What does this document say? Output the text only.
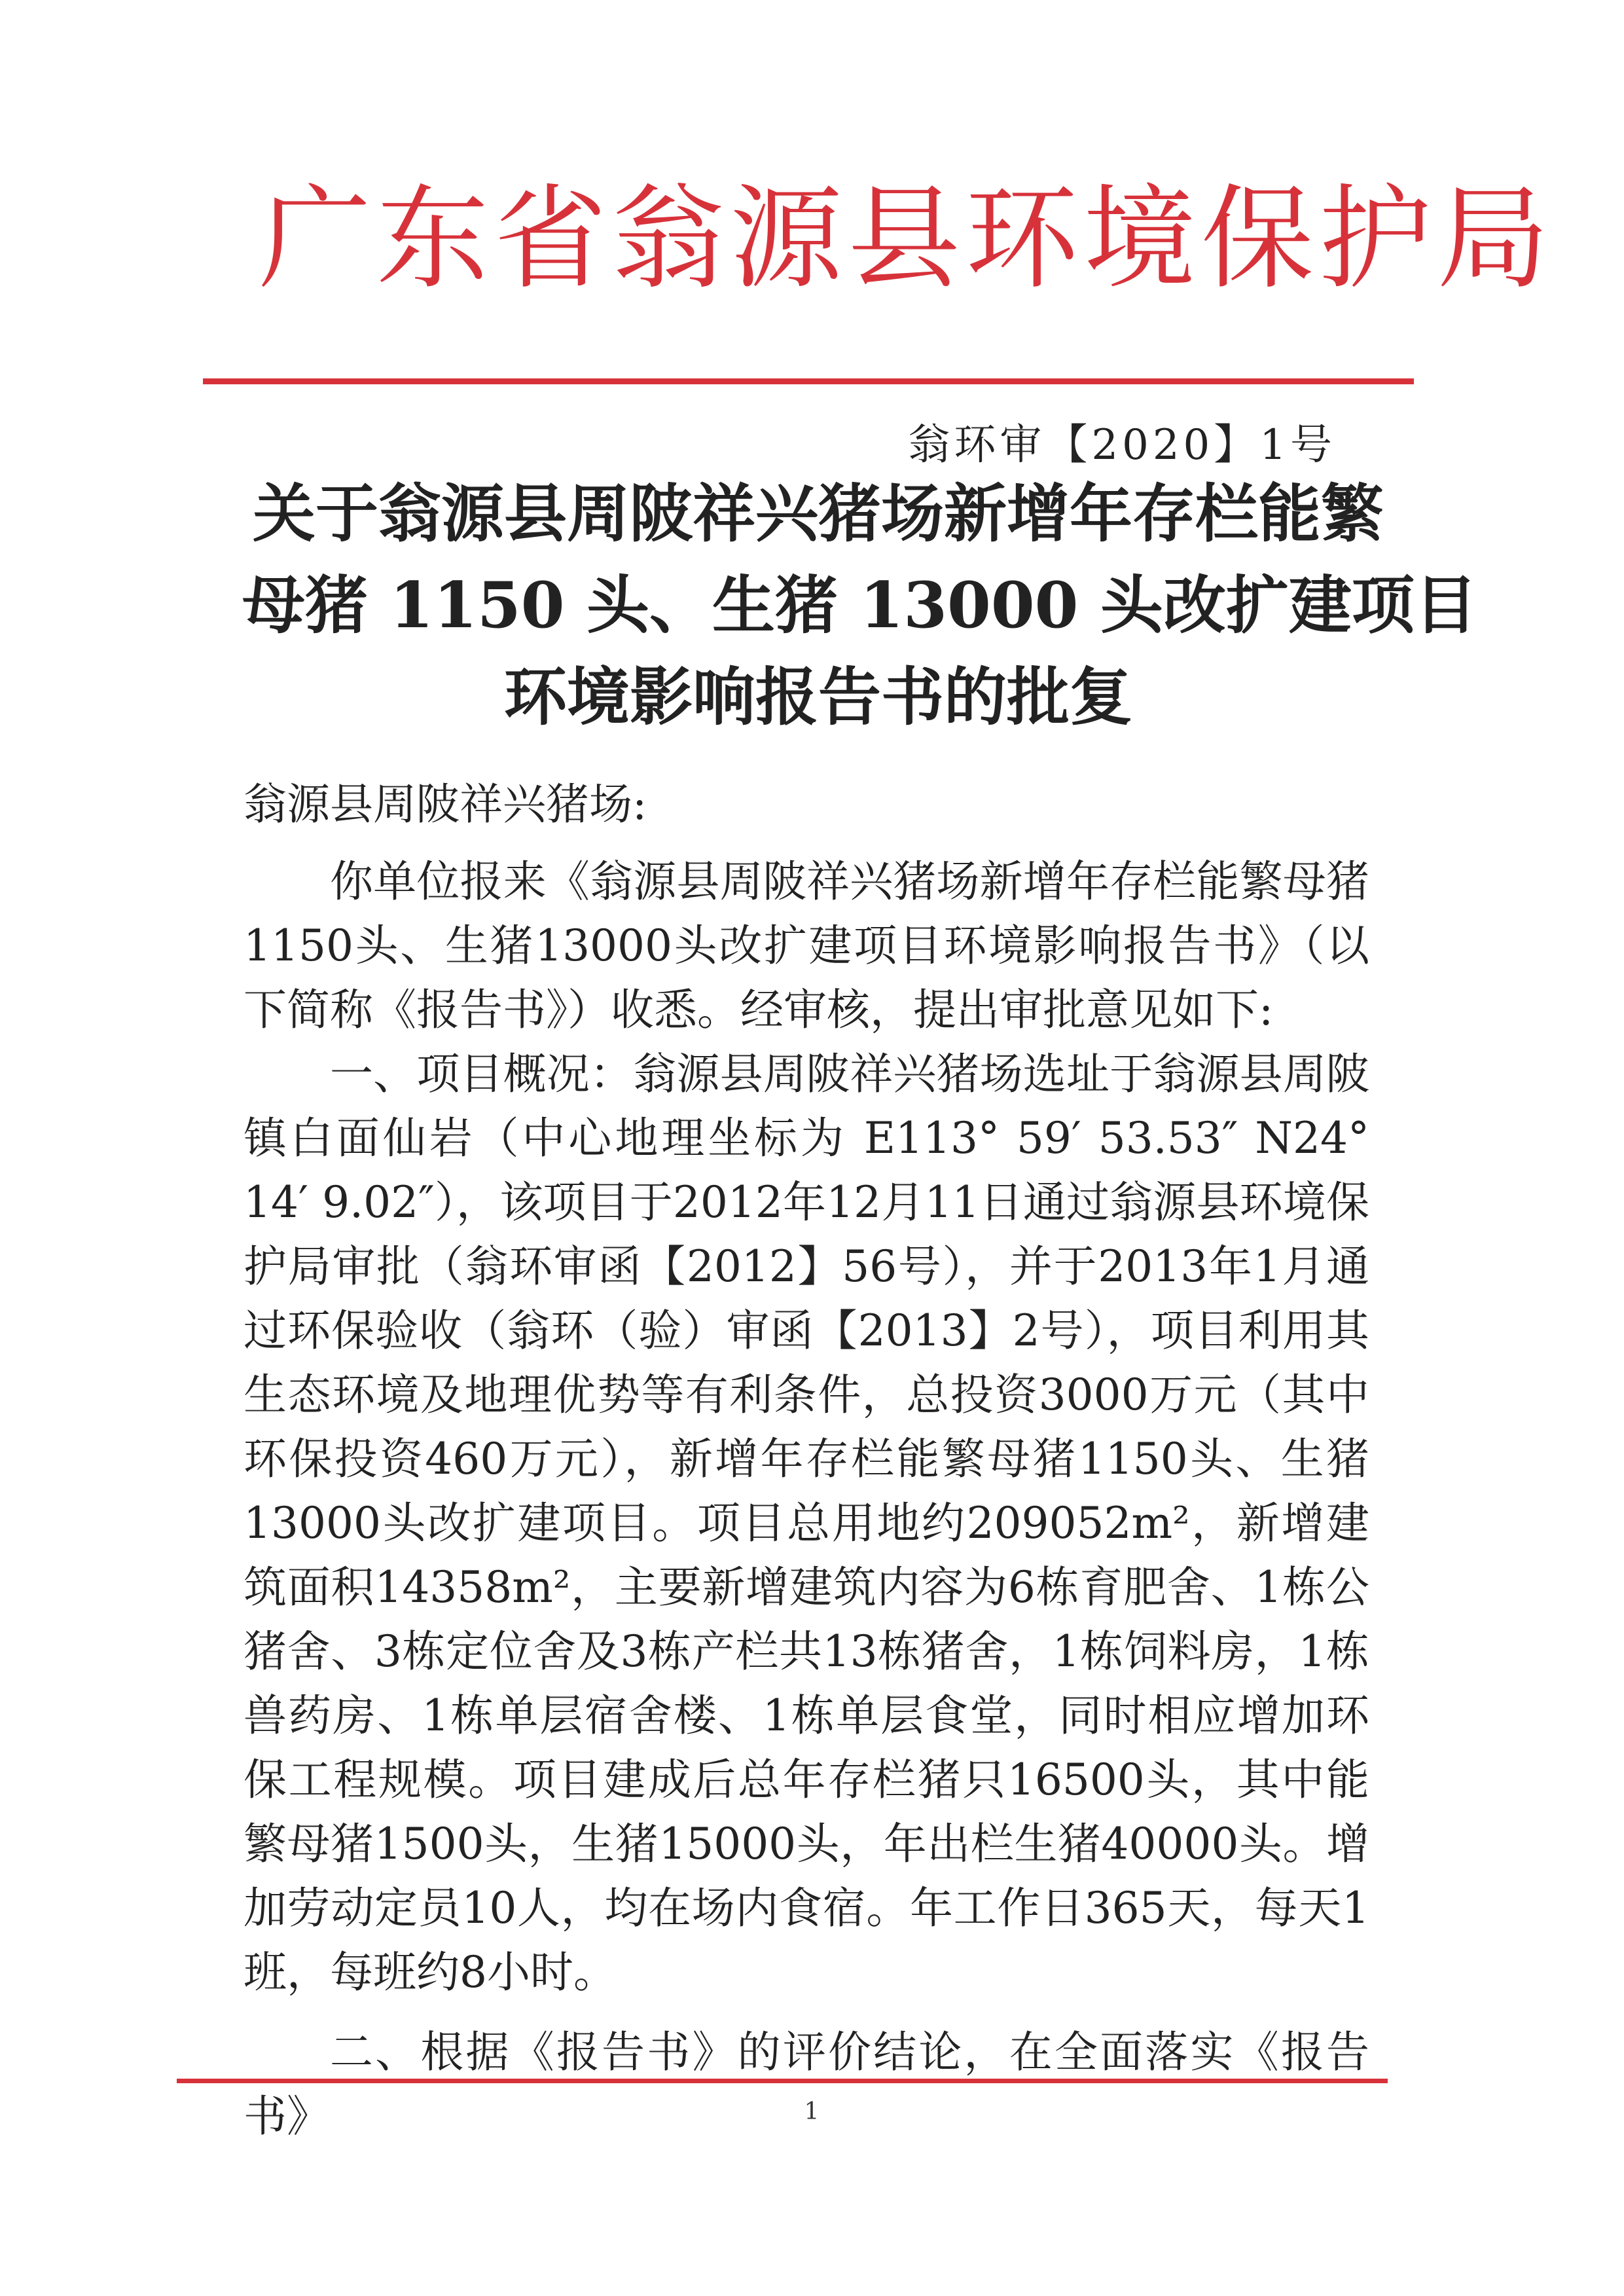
广东省翁源县环境保护局
翁环审【2020】1号
关于翁源县周陂祥兴猪场新增年存栏能繁
母猪 1150 头、生猪 13000 头改扩建项目
环境影响报告书的批复

翁源县周陂祥兴猪场:

你单位报来《翁源县周陂祥兴猪场新增年存栏能繁母猪1150头、生猪13000头改扩建项目环境影响报告书》（以下简称《报告书》）收悉。经审核，提出审批意见如下:

一、项目概况：翁源县周陂祥兴猪场选址于翁源县周陂镇白面仙岩（中心地理坐标为 E113° 59′ 53.53″ N24° 14′ 9.02″），该项目于2012年12月11日通过翁源县环境保护局审批（翁环审函【2012】56号），并于2013年1月通过环保验收（翁环（验）审函【2013】2号），项目利用其生态环境及地理优势等有利条件，总投资3000万元（其中环保投资460万元），新增年存栏能繁母猪1150头、生猪13000头改扩建项目。项目总用地约209052m²，新增建筑面积14358m²，主要新增建筑内容为6栋育肥舍、1栋公猪舍、3栋定位舍及3栋产栏共13栋猪舍，1栋饲料房，1栋兽药房、1栋单层宿舍楼、1栋单层食堂，同时相应增加环保工程规模。项目建成后总年存栏猪只16500头，其中能繁母猪1500头，生猪15000头，年出栏生猪40000头。增加劳动定员10人，均在场内食宿。年工作日365天，每天1班，每班约8小时。

二、根据《报告书》的评价结论，在全面落实《报告书》	1
